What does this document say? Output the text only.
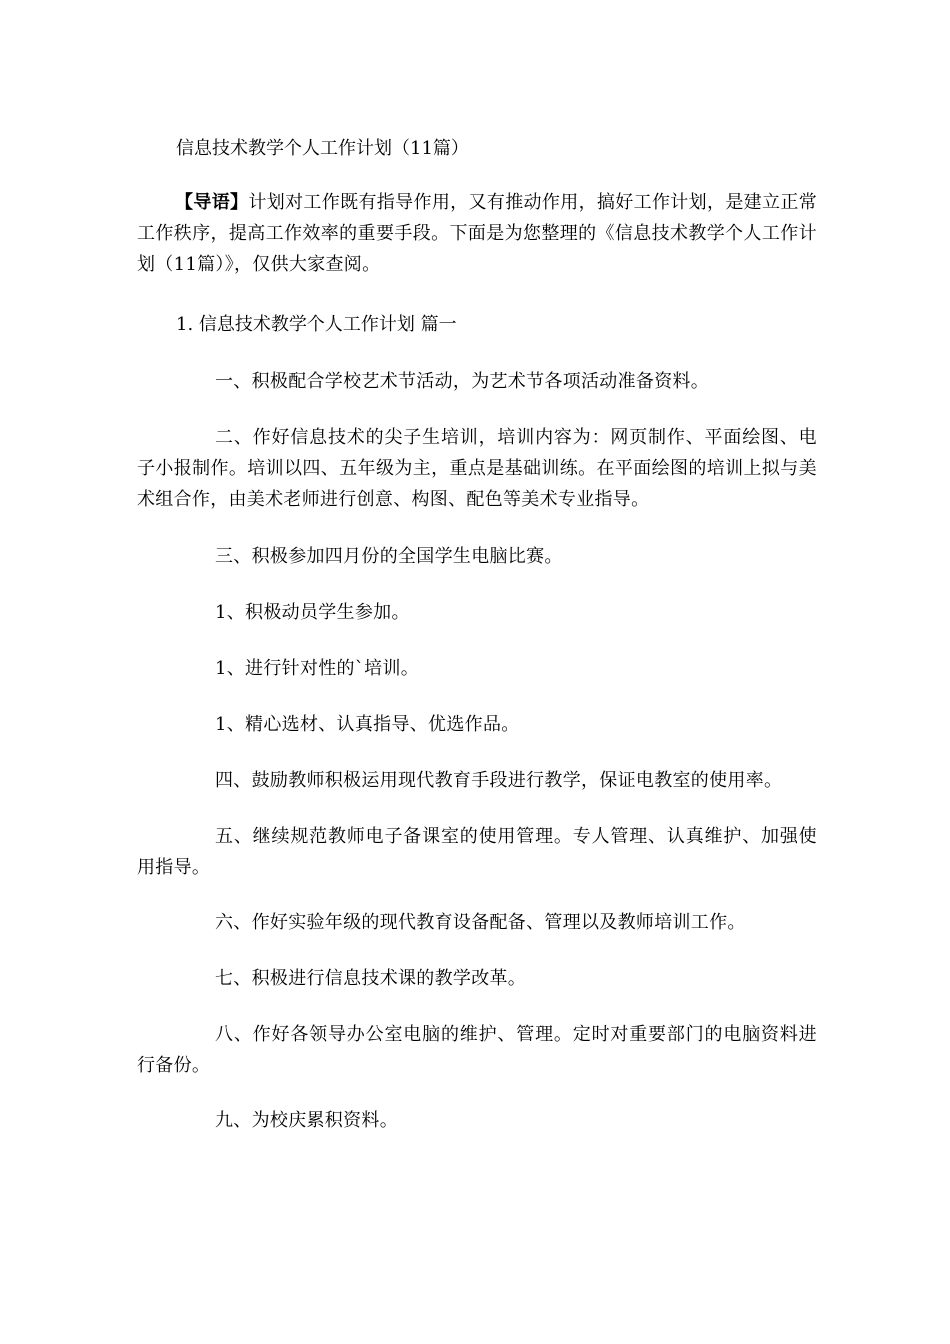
信息技术教学个人工作计划（11篇）

【导语】计划对工作既有指导作用，又有推动作用，搞好工作计划，是建立正常工作秩序，提高工作效率的重要手段。下面是为您整理的《信息技术教学个人工作计划（11篇）》，仅供大家查阅。

1. 信息技术教学个人工作计划 篇一

一、积极配合学校艺术节活动，为艺术节各项活动准备资料。

二、作好信息技术的尖子生培训，培训内容为：网页制作、平面绘图、电子小报制作。培训以四、五年级为主，重点是基础训练。在平面绘图的培训上拟与美术组合作，由美术老师进行创意、构图、配色等美术专业指导。

三、积极参加四月份的全国学生电脑比赛。

1、积极动员学生参加。

1、进行针对性的`培训。

1、精心选材、认真指导、优选作品。

四、鼓励教师积极运用现代教育手段进行教学，保证电教室的使用率。

五、继续规范教师电子备课室的使用管理。专人管理、认真维护、加强使用指导。

六、作好实验年级的现代教育设备配备、管理以及教师培训工作。

七、积极进行信息技术课的教学改革。

八、作好各领导办公室电脑的维护、管理。定时对重要部门的电脑资料进行备份。

九、为校庆累积资料。
